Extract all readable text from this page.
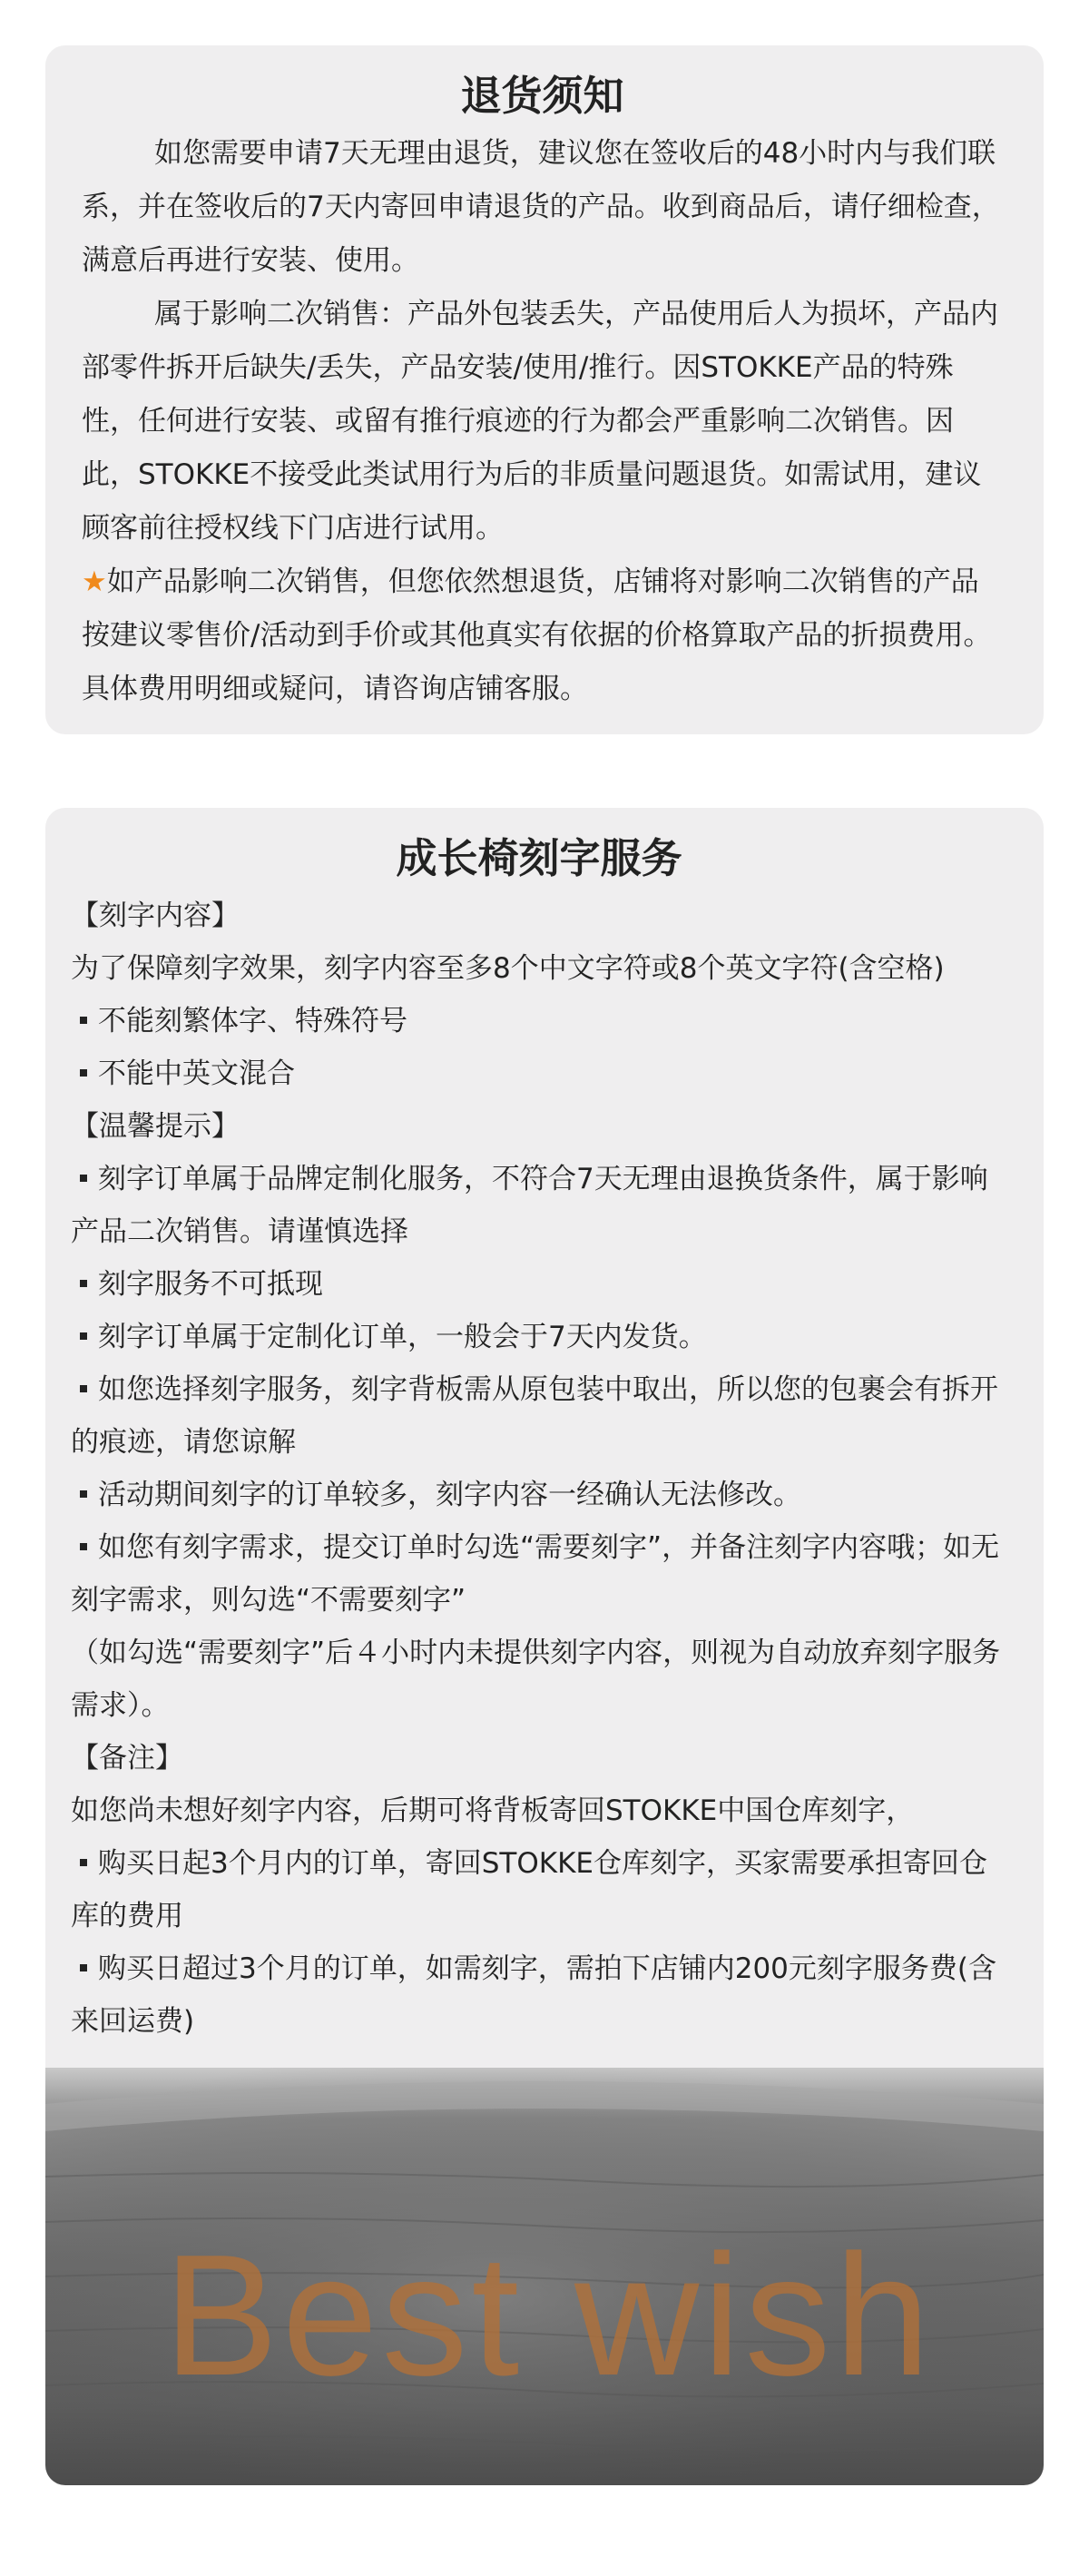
退货须知

如您需要申请7天无理由退货，建议您在签收后的48小时内与我们联系，并在签收后的7天内寄回申请退货的产品。收到商品后，请仔细检查，满意后再进行安装、使用。

属于影响二次销售：产品外包装丢失，产品使用后人为损坏，产品内部零件拆开后缺失/丢失，产品安装/使用/推行。因STOKKE产品的特殊性，任何进行安装、或留有推行痕迹的行为都会严重影响二次销售。因此，STOKKE不接受此类试用行为后的非质量问题退货。如需试用，建议顾客前往授权线下门店进行试用。

★如产品影响二次销售，但您依然想退货，店铺将对影响二次销售的产品按建议零售价/活动到手价或其他真实有依据的价格算取产品的折损费用。具体费用明细或疑问，请咨询店铺客服。

成长椅刻字服务

【刻字内容】

为了保障刻字效果，刻字内容至多8个中文字符或8个英文字符(含空格)

不能刻繁体字、特殊符号

不能中英文混合

【温馨提示】

刻字订单属于品牌定制化服务，不符合7天无理由退换货条件，属于影响产品二次销售。请谨慎选择

刻字服务不可抵现

刻字订单属于定制化订单，一般会于7天内发货。

如您选择刻字服务，刻字背板需从原包装中取出，所以您的包裹会有拆开的痕迹，请您谅解

活动期间刻字的订单较多，刻字内容一经确认无法修改。

如您有刻字需求，提交订单时勾选“需要刻字”，并备注刻字内容哦；如无刻字需求，则勾选“不需要刻字”

（如勾选“需要刻字”后４小时内未提供刻字内容，则视为自动放弃刻字服务需求）。

【备注】

如您尚未想好刻字内容，后期可将背板寄回STOKKE中国仓库刻字，

购买日起3个月内的订单，寄回STOKKE仓库刻字，买家需要承担寄回仓库的费用

购买日超过3个月的订单，如需刻字，需拍下店铺内200元刻字服务费(含来回运费)

Best wish
